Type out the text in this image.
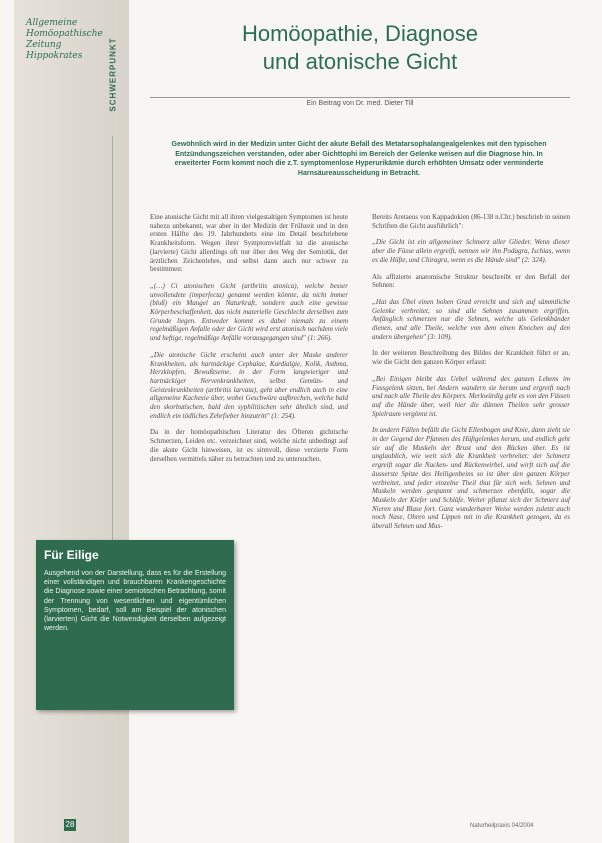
Allgemeine
Homöopathische
Zeitung
Hippokrates	SCHWERPUNKT
Homöopathie, Diagnose
und atonische Gicht
Ein Beitrag von Dr. med. Dieter Till
Gewöhnlich wird in der Medizin unter Gicht der akute Befall des Metatarsophalangealgelenkes mit den typischen Entzündungszeichen verstanden, oder aber Gichttophi im Bereich der Gelenke weisen auf die Diagnose hin. In erweiterter Form kommt noch die z.T. symptomenlose Hyperurikämie durch erhöhten Umsatz oder verminderte Harnsäureausscheidung in Betracht.

Eine atonische Gicht mit all ihren vielgestaltigen Symptomen ist heute nahezu unbekannt, war aber in der Medizin der Frühzeit und in den ersten Hälfte des 19. Jahrhunderts eine im Detail beschriebene Krankheitsform. Wegen ihrer Symptomvielfalt ist die atonische (larvierte) Gicht allerdings oft nur über den Weg der Semiotik, der ärztlichen Zeichenlehre, und selbst dann auch nur schwer zu bestimmen:

„(…) Ci atonischen Gicht (arthritis atonica), welche besser unvollendete (imperfecta) genannt werden könnte, da nicht immer (bloß) ein Mangel an Naturkraft, sondern auch eine gewisse Körperbeschaffenheit, das nicht materielle Geschlecht derselben zum Grunde liegen. Entweder kommt es dabei niemals zu einem regelmäßigen Anfalle oder der Gicht wird erst atonisch nachdem viele und heftige, regelmäßige Anfälle vorausgegangen sind" (1: 266).

„Die atonische Gicht erscheint auch unter der Maske anderer Krankheiten, als hartnäckige Cephalae, Kardialgie, Kolik, Asthma, Herzklopfen, Bewußtseine, in der Form langwieriger und hartnäckiger Nervenkrankheiten, selbst Gemüts- und Geisteskrankheiten (arthritis larvata), geht aber endlich auch in eine allgemeine Kachexie über, wobei Geschwüre aufbrechen, welche bald den skorbutischen, bald den syphilitischen sehr ähnlich sind, und endlich ein tödliches Zehrfieber hinzutritt" (1: 254).

Da in der homöopathischen Literatur des Öfteren gichtische Schmerzen, Leiden etc. verzeichnet sind, welche nicht unbedingt auf die akute Gicht hinweisen, ist es sinnvoll, diese verzierte Form derselben vermittels näher zu betrachten und zu untersuchen.

Bereits Aretaeus von Kappadokien (86-138 n.Chr.) beschrieb in seinen Schriften die Gicht ausführlich":

„Die Gicht ist ein allgemeiner Schmerz aller Glieder. Wenn dieser aber die Füsse allein ergreift, nennen wir ihn Podagra, Ischias, wenn es die Hüfte, und Chiragra, wenn es die Hände sind" (2: 324).

Als affizierte anatomische Struktur beschreibt er den Befall der Sehnen:

„Hat das Übel einen hohen Grad erreicht und sich auf sämmtliche Gelenke verbreitet, so sind alle Sehnen zusammen ergriffen. Anfänglich schmerzen nur die Sehnen, welche als Gelenkbänder dienen, und alle Theile, welche von dem einen Knochen auf den andern übergehen" (3: 109).

In der weiteren Beschreibung des Bildes der Krankheit führt er an, wie die Gicht den ganzen Körper erfasst:

„Bei Einigen bleibt das Uebel während des ganzen Lebens im Fussgelenk sitzen, bei Andern wandern sie herum und ergreift nach und nach alle Theile des Körpers. Merkwürdig geht es von den Füssen auf die Hände über, weil hier die dünnen Theilen sehr grosser Spielraum vergönnt ist.

In andern Fällen befällt die Gicht Ellenbogen und Knie, dann zieht sie in der Gegend der Pfannen des Hüftgelenkes herum, und endlich geht sie auf die Muskeln der Brust und den Rücken über. Es ist unglaublich, wie weit sich die Krankheit verbreitet: der Schmerz ergreift sogar die Nacken- und Rückenwirbel, und wirft sich auf die äusserste Spitze des Heiligenbeins so ist über den ganzen Körper verbreitet, und jeder einzelne Theil thut für sich weh. Sehnen und Muskeln werden gespannt und schmerzen ebenfalls, sogar die Muskeln der Kiefer und Schläfe. Weiter pflanzt sich der Schmerz auf Nieren und Blase fort. Ganz wunderbarer Weise werden zuletzt auch noch Nase, Ohren und Lippen mit in die Krankheit gezogen, da es überall Sehnen und Mus-

Für Eilige

Ausgehend von der Darstellung, dass es für die Erstellung einer vollständigen und brauchbaren Krankengeschichte die Diagnose sowie einer semiotischen Betrachtung, somit der Trennung von wesentlichen und eigentümlichen Symptomen, bedarf, soll am Beispiel der atonischen (larvierten) Gicht die Notwendigkeit derselben aufgezeigt werden.

28	Naturheilpraxis 04/2004
